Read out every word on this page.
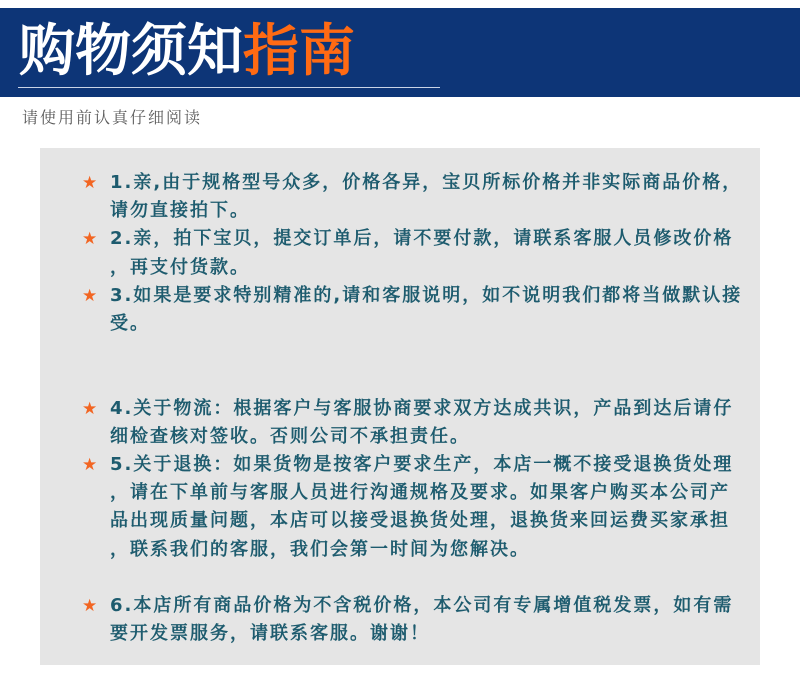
购物须知指南
请使用前认真仔细阅读
★ 1.亲,由于规格型号众多，价格各异，宝贝所标价格并非实际商品价格，
请勿直接拍下。
★ 2.亲，拍下宝贝，提交订单后，请不要付款，请联系客服人员修改价格
，再支付货款。
★ 3.如果是要求特别精准的,请和客服说明，如不说明我们都将当做默认接
受。
★ 4.关于物流：根据客户与客服协商要求双方达成共识，产品到达后请仔
细检查核对签收。否则公司不承担责任。
★ 5.关于退换：如果货物是按客户要求生产，本店一概不接受退换货处理
，请在下单前与客服人员进行沟通规格及要求。如果客户购买本公司产
品出现质量问题，本店可以接受退换货处理，退换货来回运费买家承担
，联系我们的客服，我们会第一时间为您解决。
★ 6.本店所有商品价格为不含税价格，本公司有专属增值税发票，如有需
要开发票服务，请联系客服。谢谢！
